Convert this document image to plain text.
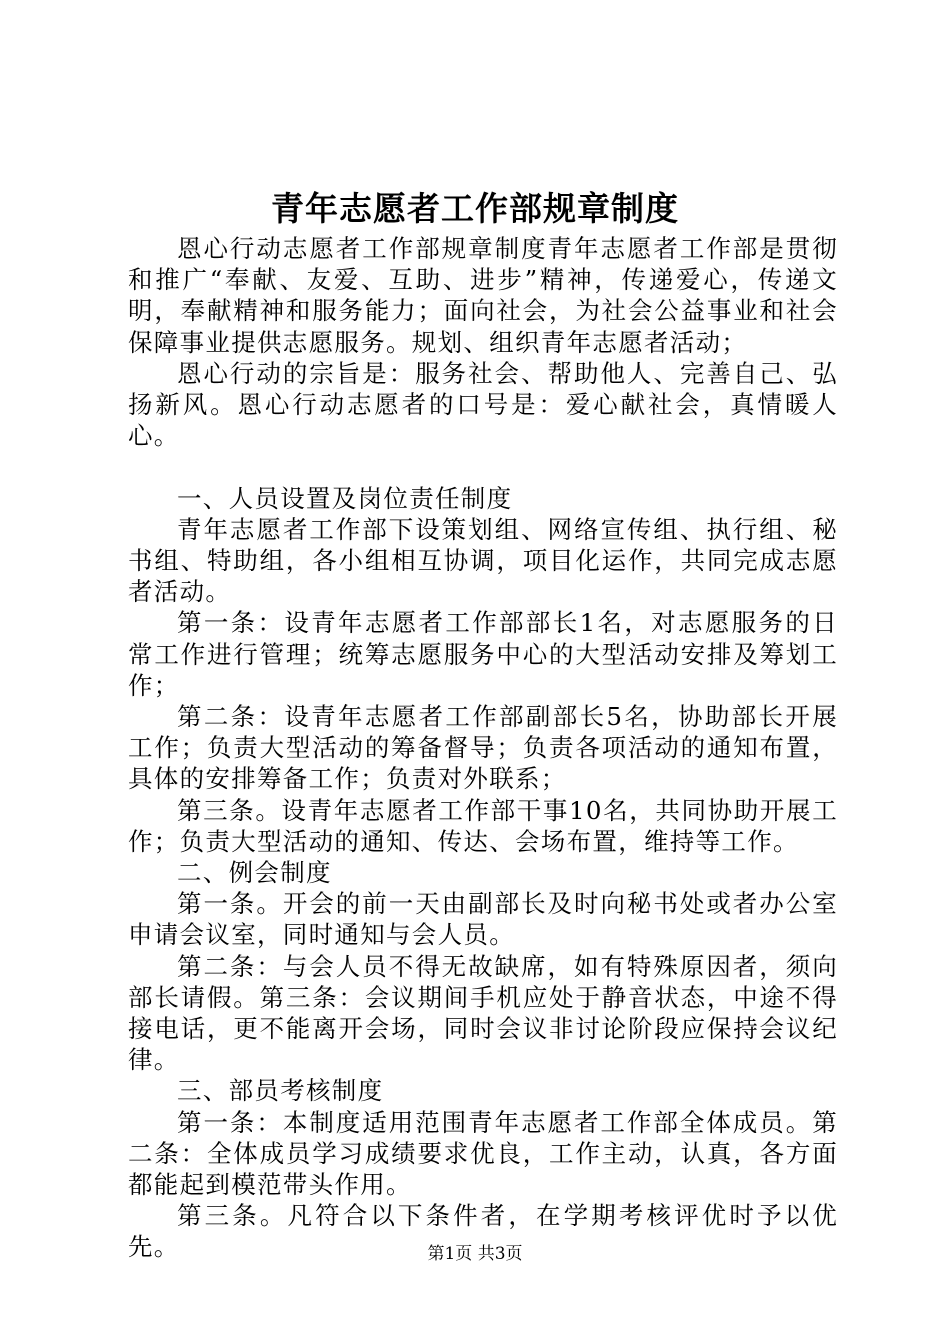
青年志愿者工作部规章制度

恩心行动志愿者工作部规章制度青年志愿者工作部是贯彻和推广“奉献、友爱、互助、进步”精神，传递爱心，传递文明，奉献精神和服务能力；面向社会，为社会公益事业和社会保障事业提供志愿服务。规划、组织青年志愿者活动；

恩心行动的宗旨是：服务社会、帮助他人、完善自己、弘扬新风。恩心行动志愿者的口号是：爱心献社会，真情暖人心。

一、人员设置及岗位责任制度

青年志愿者工作部下设策划组、网络宣传组、执行组、秘书组、特助组，各小组相互协调，项目化运作，共同完成志愿者活动。

第一条：设青年志愿者工作部部长1名，对志愿服务的日常工作进行管理；统筹志愿服务中心的大型活动安排及筹划工作；

第二条：设青年志愿者工作部副部长5名，协助部长开展工作；负责大型活动的筹备督导；负责各项活动的通知布置，具体的安排筹备工作；负责对外联系；

第三条。设青年志愿者工作部干事10名，共同协助开展工作；负责大型活动的通知、传达、会场布置，维持等工作。

二、例会制度

第一条。开会的前一天由副部长及时向秘书处或者办公室申请会议室，同时通知与会人员。

第二条：与会人员不得无故缺席，如有特殊原因者，须向部长请假。第三条：会议期间手机应处于静音状态，中途不得接电话，更不能离开会场，同时会议非讨论阶段应保持会议纪律。

三、部员考核制度

第一条：本制度适用范围青年志愿者工作部全体成员。第二条：全体成员学习成绩要求优良，工作主动，认真，各方面都能起到模范带头作用。

第三条。凡符合以下条件者，在学期考核评优时予以优先。	第1页 共3页
